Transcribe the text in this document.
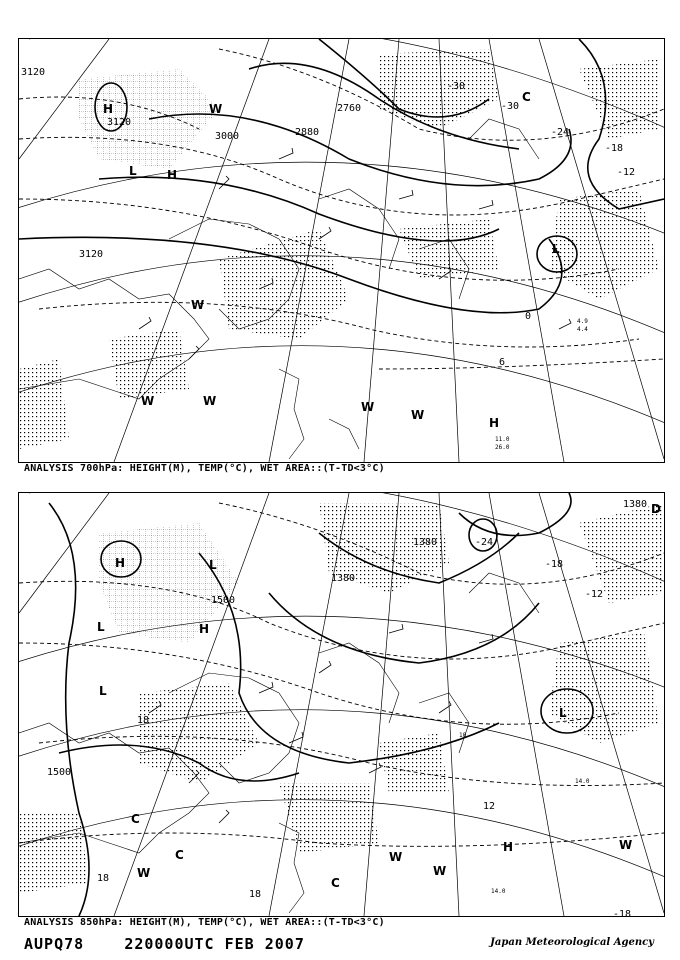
3120
3120
3000	2880
2760
3120
-30
-30
-24
-18
-12
0
6
H
L	H
W
W	W	W
H
C
L
W
W
11.0
26.0
4.9
4.4
ANALYSIS 700hPa: HEIGHT(M), TEMP(°C), WET AREA::(T-TD<3°C)
1500
1380
1380
1500
1380
-24
-18
-12
18
18
12
18
-18
H	L
H
L
L
C
C
W
W
W
H	W
C
L
D
14.0
14.0
10
ANALYSIS 850hPa: HEIGHT(M), TEMP(°C), WET AREA::(T-TD<3°C)
AUPQ78	220000UTC FEB 2007	Japan Meteorological Agency
